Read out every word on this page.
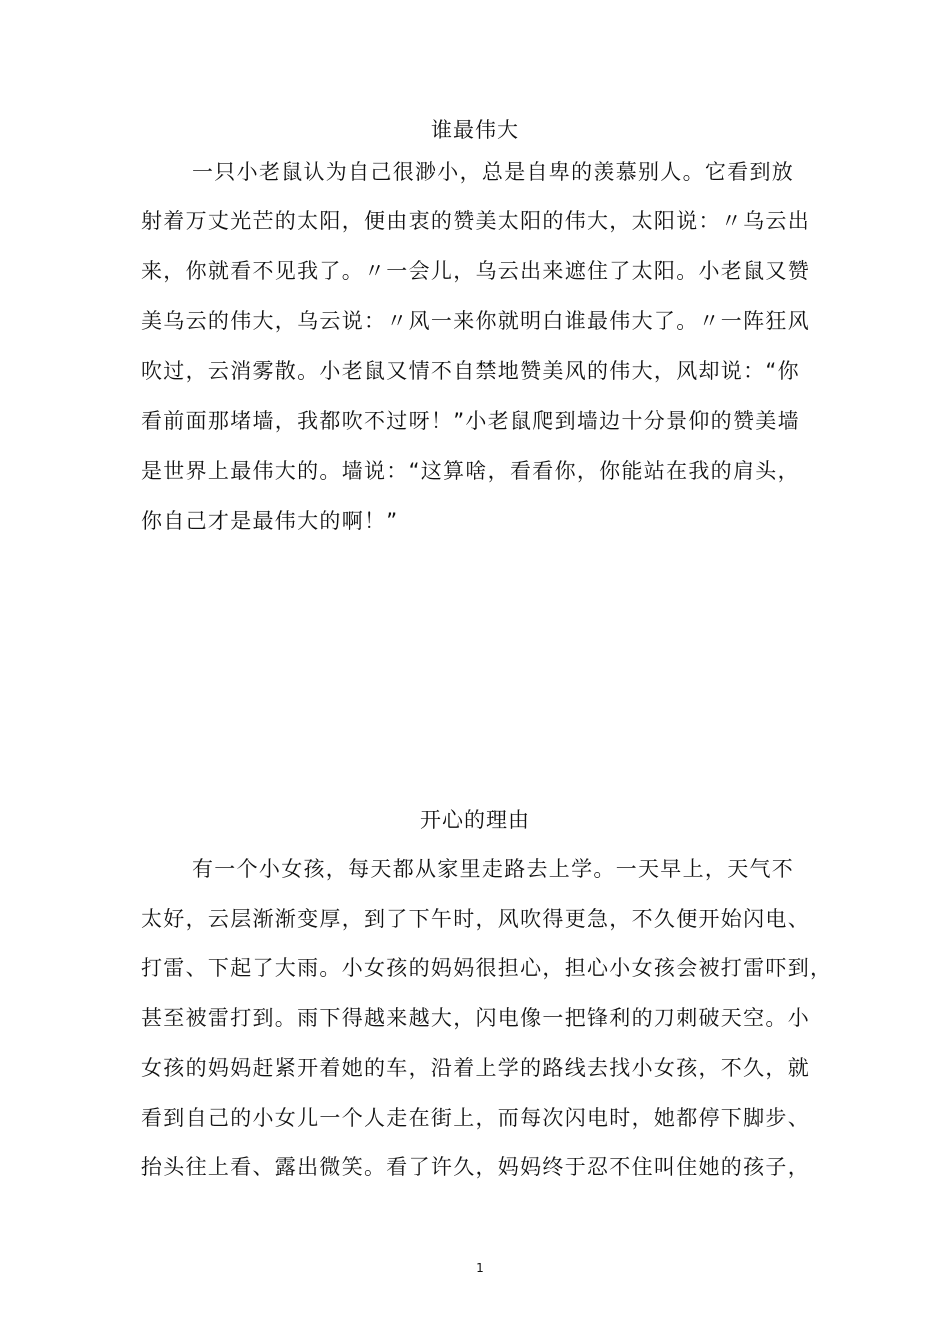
谁最伟大
一只小老鼠认为自己很渺小，总是自卑的羡慕别人。它看到放
射着万丈光芒的太阳，便由衷的赞美太阳的伟大，太阳说：〃乌云出
来，你就看不见我了。〃一会儿，乌云出来遮住了太阳。小老鼠又赞
美乌云的伟大，乌云说：〃风一来你就明白谁最伟大了。〃一阵狂风
吹过，云消雾散。小老鼠又情不自禁地赞美风的伟大，风却说：“你
看前面那堵墙，我都吹不过呀！”小老鼠爬到墙边十分景仰的赞美墙
是世界上最伟大的。墙说：“这算啥，看看你，你能站在我的肩头，
你自己才是最伟大的啊！”
开心的理由
有一个小女孩，每天都从家里走路去上学。一天早上，天气不
太好，云层渐渐变厚，到了下午时，风吹得更急，不久便开始闪电、
打雷、下起了大雨。小女孩的妈妈很担心，担心小女孩会被打雷吓到，
甚至被雷打到。雨下得越来越大，闪电像一把锋利的刀刺破天空。小
女孩的妈妈赶紧开着她的车，沿着上学的路线去找小女孩，不久，就
看到自己的小女儿一个人走在街上，而每次闪电时，她都停下脚步、
抬头往上看、露出微笑。看了许久，妈妈终于忍不住叫住她的孩子，
1
